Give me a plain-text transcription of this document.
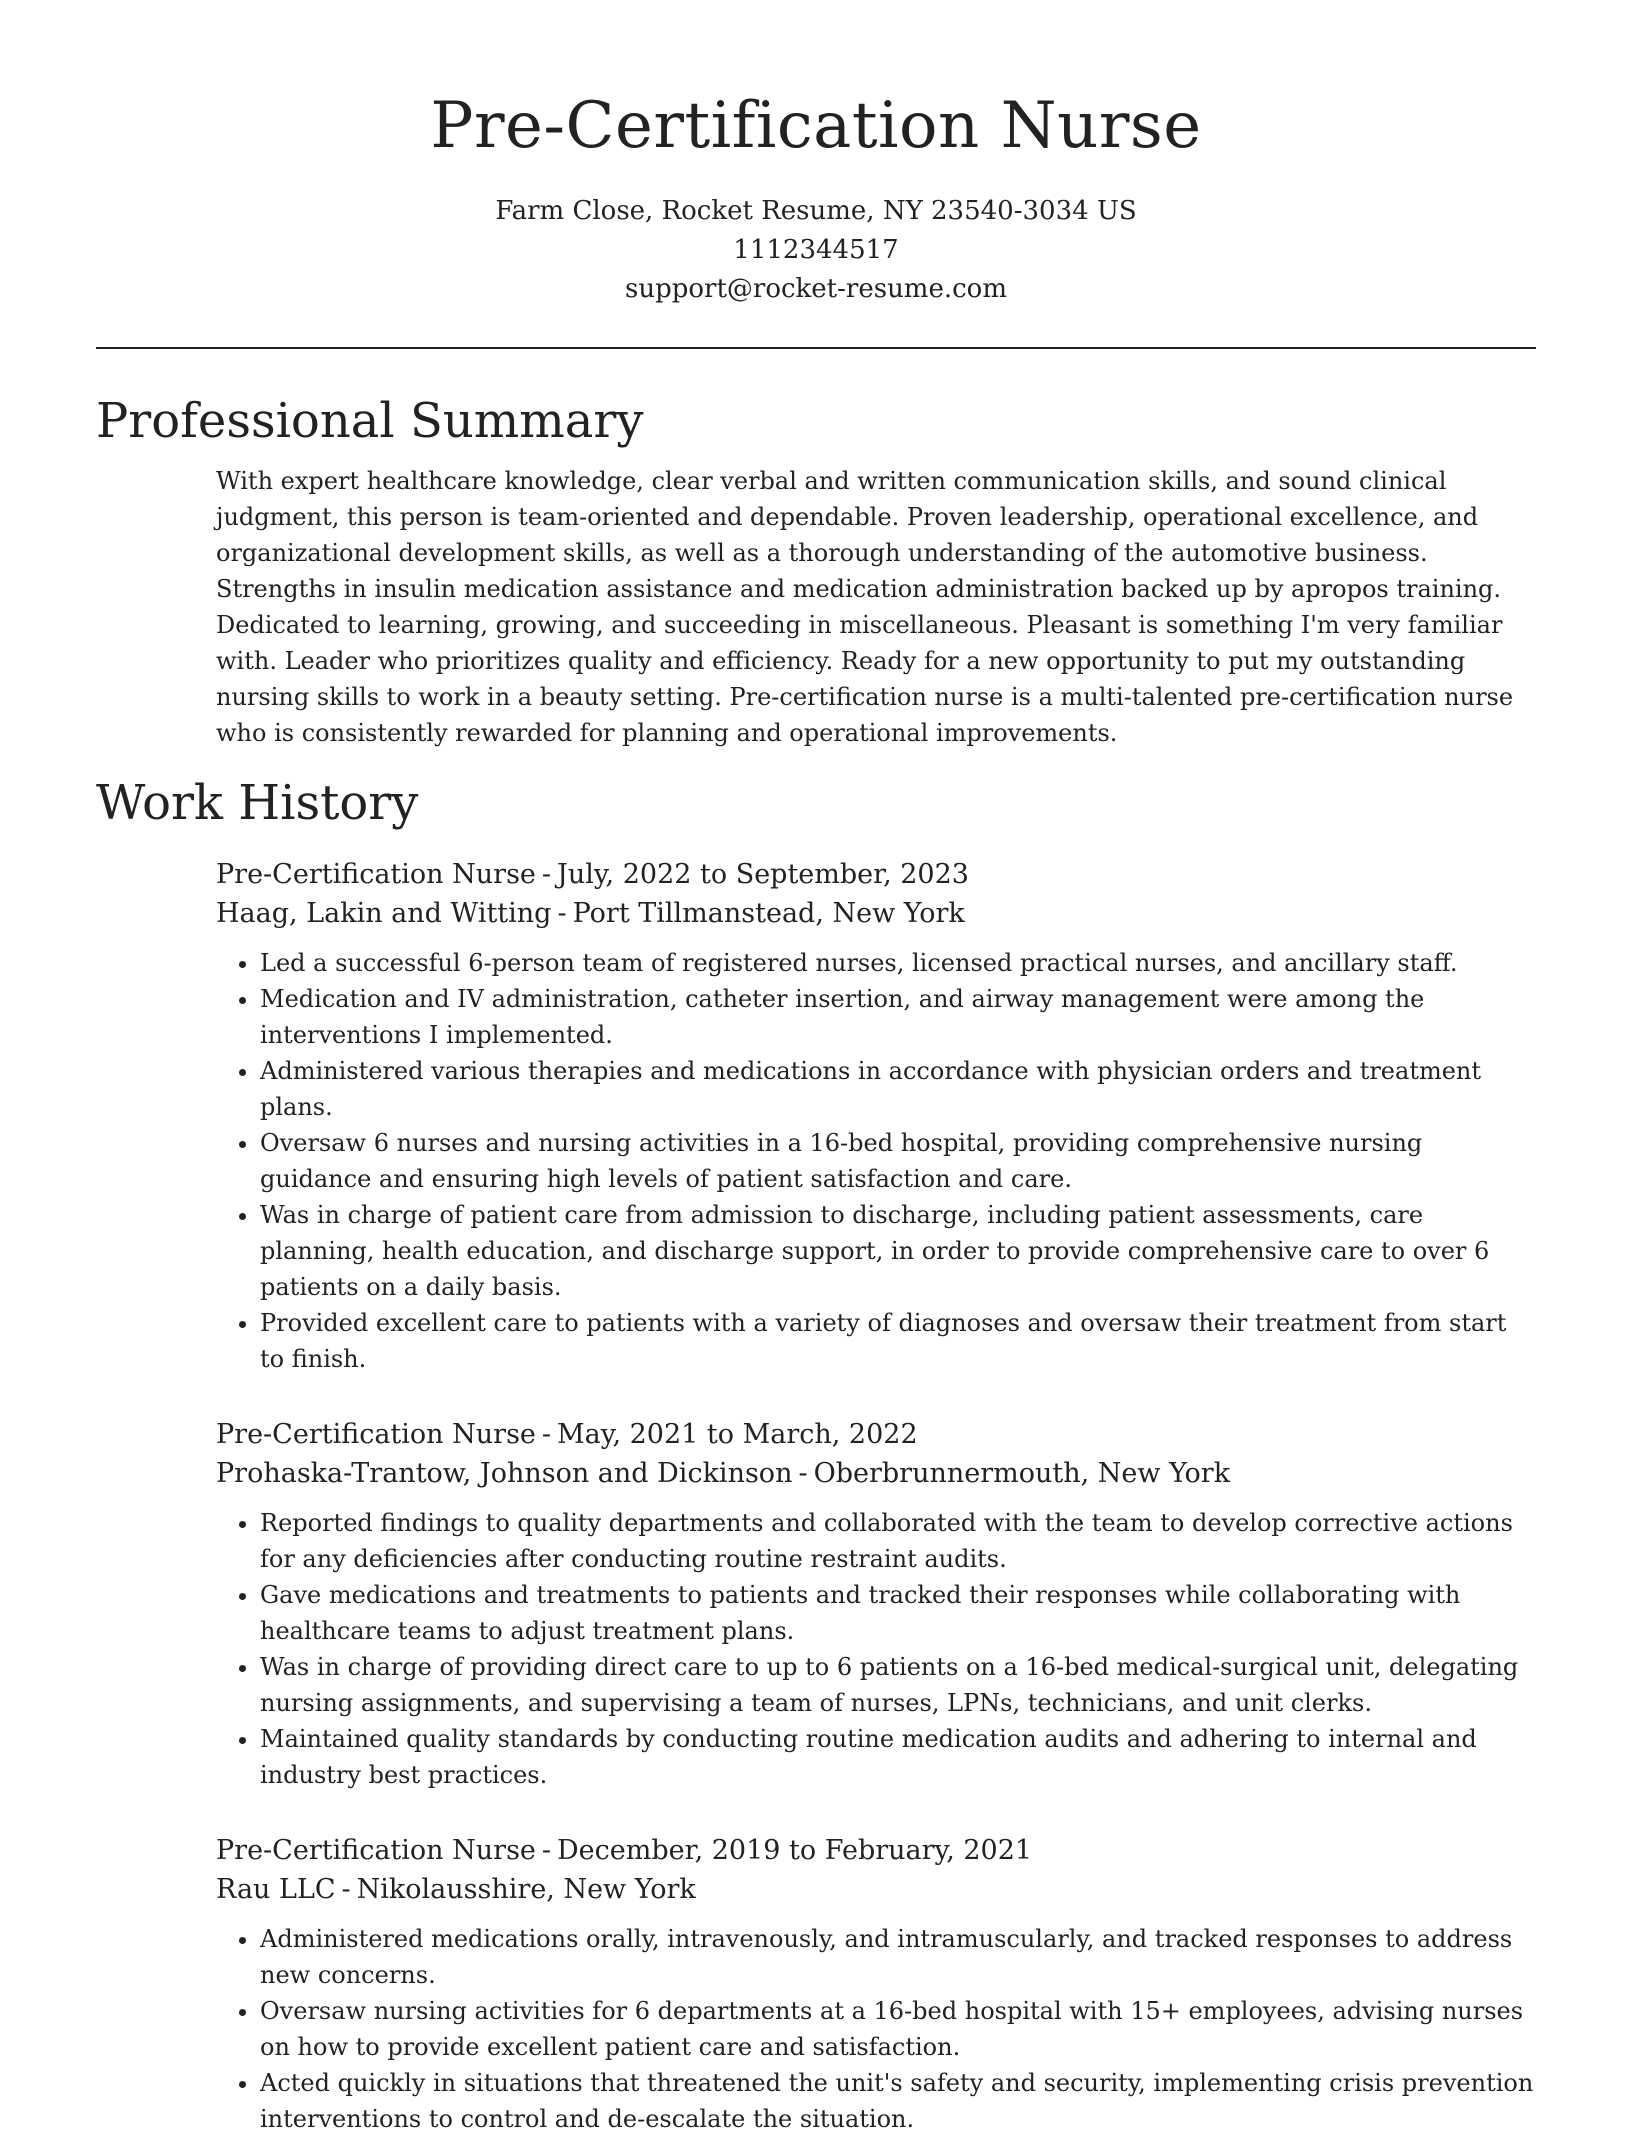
Pre-Certification Nurse
Farm Close, Rocket Resume, NY 23540-3034 US
1112344517
support@rocket-resume.com
Professional Summary

With expert healthcare knowledge, clear verbal and written communication skills, and sound clinical judgment, this person is team-oriented and dependable. Proven leadership, operational excellence, and organizational development skills, as well as a thorough understanding of the automotive business. Strengths in insulin medication assistance and medication administration backed up by apropos training. Dedicated to learning, growing, and succeeding in miscellaneous. Pleasant is something I'm very familiar with. Leader who prioritizes quality and efficiency. Ready for a new opportunity to put my outstanding nursing skills to work in a beauty setting. Pre-certification nurse is a multi-talented pre-certification nurse who is consistently rewarded for planning and operational improvements.

Work History
Pre-Certification Nurse - July, 2022 to September, 2023
Haag, Lakin and Witting - Port Tillmanstead, New York
• Led a successful 6-person team of registered nurses, licensed practical nurses, and ancillary staff.
• Medication and IV administration, catheter insertion, and airway management were among the interventions I implemented.
• Administered various therapies and medications in accordance with physician orders and treatment plans.
• Oversaw 6 nurses and nursing activities in a 16-bed hospital, providing comprehensive nursing guidance and ensuring high levels of patient satisfaction and care.
• Was in charge of patient care from admission to discharge, including patient assessments, care planning, health education, and discharge support, in order to provide comprehensive care to over 6 patients on a daily basis.
• Provided excellent care to patients with a variety of diagnoses and oversaw their treatment from start to finish.
Pre-Certification Nurse - May, 2021 to March, 2022
Prohaska-Trantow, Johnson and Dickinson - Oberbrunnermouth, New York
• Reported findings to quality departments and collaborated with the team to develop corrective actions for any deficiencies after conducting routine restraint audits.
• Gave medications and treatments to patients and tracked their responses while collaborating with healthcare teams to adjust treatment plans.
• Was in charge of providing direct care to up to 6 patients on a 16-bed medical-surgical unit, delegating nursing assignments, and supervising a team of nurses, LPNs, technicians, and unit clerks.
• Maintained quality standards by conducting routine medication audits and adhering to internal and industry best practices.
Pre-Certification Nurse - December, 2019 to February, 2021
Rau LLC - Nikolausshire, New York
• Administered medications orally, intravenously, and intramuscularly, and tracked responses to address new concerns.
• Oversaw nursing activities for 6 departments at a 16-bed hospital with 15+ employees, advising nurses on how to provide excellent patient care and satisfaction.
• Acted quickly in situations that threatened the unit's safety and security, implementing crisis prevention interventions to control and de-escalate the situation.
